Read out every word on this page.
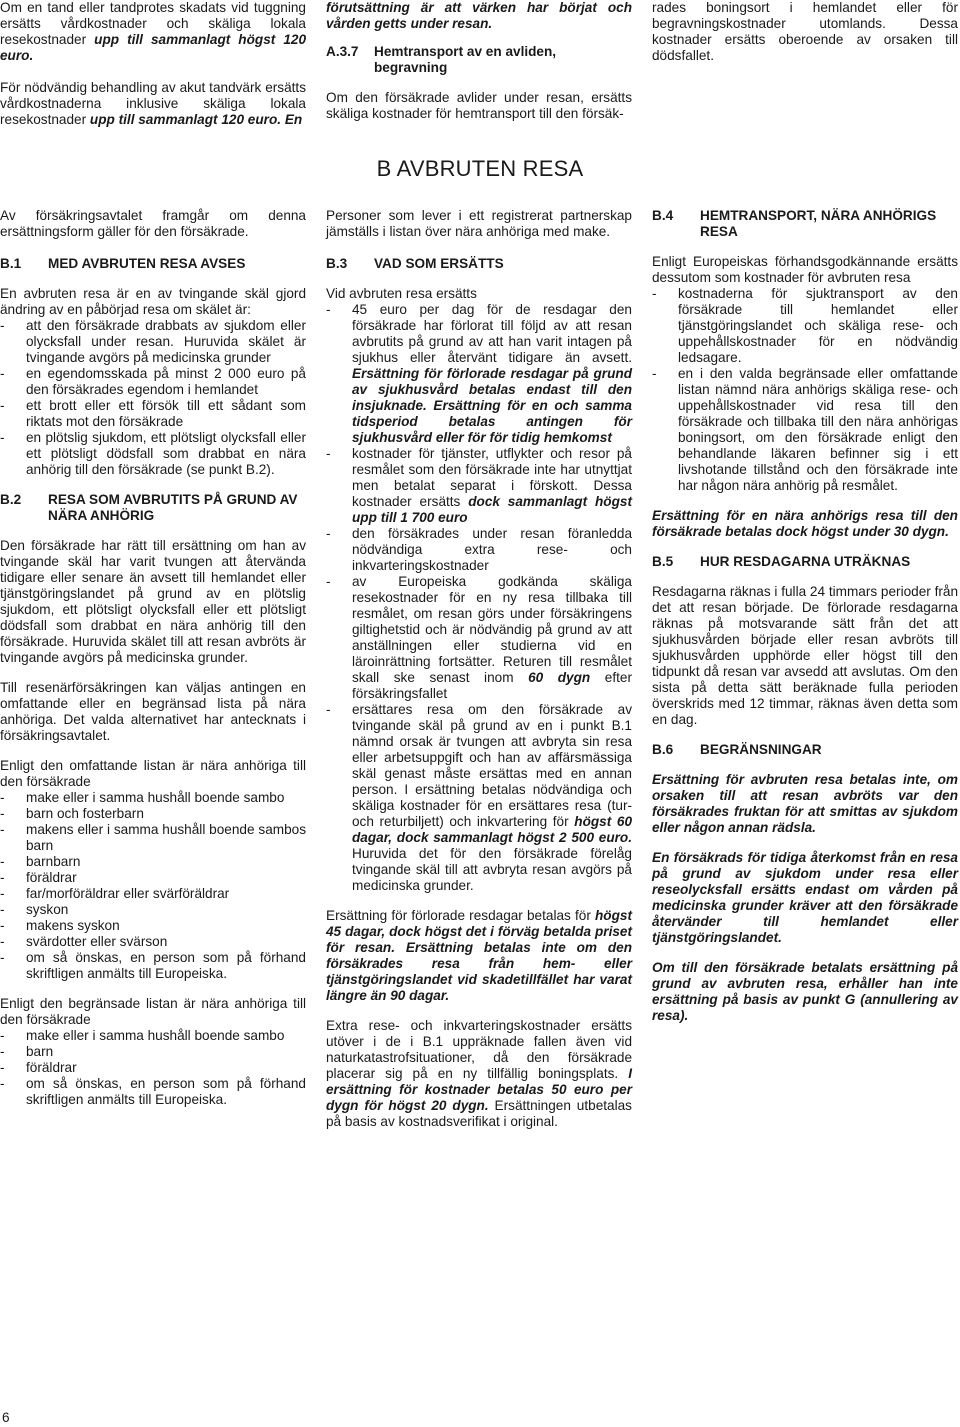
Om en tand eller tandprotes skadats vid tuggning ersätts vårdkostnader och skäliga lokala resekostnader upp till sammanlagt högst 120 euro.

För nödvändig behandling av akut tandvärk ersätts vårdkostnaderna inklusive skäliga lokala resekostnader upp till sammanlagt 120 euro. En

förutsättning är att värken har börjat och vården getts under resan.

A.3.7	Hemtransport av en avliden, begravning

Om den försäkrade avlider under resan, ersätts skäliga kostnader för hemtransport till den försäk-

rades boningsort i hemlandet eller för begravningskostnader utomlands. Dessa kostnader ersätts oberoende av orsaken till dödsfallet.

B AVBRUTEN RESA

Av försäkringsavtalet framgår om denna ersättningsform gäller för den försäkrade.

B.1	MED AVBRUTEN RESA AVSES

En avbruten resa är en av tvingande skäl gjord ändring av en påbörjad resa om skälet är:

- att den försäkrade drabbats av sjukdom eller olycksfall under resan. Huruvida skälet är tvingande avgörs på medicinska grunder
- en egendomsskada på minst 2 000 euro på den försäkrades egendom i hemlandet
- ett brott eller ett försök till ett sådant som riktats mot den försäkrade
- en plötslig sjukdom, ett plötsligt olycksfall eller ett plötsligt dödsfall som drabbat en nära anhörig till den försäkrade (se punkt B.2).
B.2	RESA SOM AVBRUTITS PÅ GRUND AV NÄRA ANHÖRIG

Den försäkrade har rätt till ersättning om han av tvingande skäl har varit tvungen att återvända tidigare eller senare än avsett till hemlandet eller tjänstgöringslandet på grund av en plötslig sjukdom, ett plötsligt olycksfall eller ett plötsligt dödsfall som drabbat en nära anhörig till den försäkrade. Huruvida skälet till att resan avbröts är tvingande avgörs på medicinska grunder.

Till resenärförsäkringen kan väljas antingen en omfattande eller en begränsad lista på nära anhöriga. Det valda alternativet har antecknats i försäkringsavtalet.

Enligt den omfattande listan är nära anhöriga till den försäkrade

- make eller i samma hushåll boende sambo
- barn och fosterbarn
- makens eller i samma hushåll boende sambos barn
- barnbarn
- föräldrar
- far/morföräldrar eller svärföräldrar
- syskon
- makens syskon
- svärdotter eller svärson
- om så önskas, en person som på förhand skriftligen anmälts till Europeiska.

Enligt den begränsade listan är nära anhöriga till den försäkrade

- make eller i samma hushåll boende sambo
- barn
- föräldrar
- om så önskas, en person som på förhand skriftligen anmälts till Europeiska.

Personer som lever i ett registrerat partnerskap jämställs i listan över nära anhöriga med make.

B.3	VAD SOM ERSÄTTS

Vid avbruten resa ersätts

- 45 euro per dag för de resdagar den försäkrade har förlorat till följd av att resan avbrutits på grund av att han varit intagen på sjukhus eller återvänt tidigare än avsett. Ersättning för förlorade resdagar på grund av sjukhusvård betalas endast till den insjuknade. Ersättning för en och samma tidsperiod betalas antingen för sjukhusvård eller för för tidig hemkomst
- kostnader för tjänster, utflykter och resor på resmålet som den försäkrade inte har utnyttjat men betalat separat i förskott. Dessa kostnader ersätts dock sammanlagt högst upp till 1 700 euro
- den försäkrades under resan föranledda nödvändiga extra rese- och inkvarteringskostnader
- av Europeiska godkända skäliga resekostnader för en ny resa tillbaka till resmålet, om resan görs under försäkringens giltighetstid och är nödvändig på grund av att anställningen eller studierna vid en läroinrättning fortsätter. Returen till resmålet skall ske senast inom 60 dygn efter försäkringsfallet
- ersättares resa om den försäkrade av tvingande skäl på grund av en i punkt B.1 nämnd orsak är tvungen att avbryta sin resa eller arbetsuppgift och han av affärsmässiga skäl genast måste ersättas med en annan person. I ersättning betalas nödvändiga och skäliga kostnader för en ersättares resa (tur- och returbiljett) och inkvartering för högst 60 dagar, dock sammanlagt högst 2 500 euro. Huruvida det för den försäkrade förelåg tvingande skäl till att avbryta resan avgörs på medicinska grunder.

Ersättning för förlorade resdagar betalas för högst 45 dagar, dock högst det i förväg betalda priset för resan. Ersättning betalas inte om den försäkrades resa från hem- eller tjänstgöringslandet vid skadetillfället har varat längre än 90 dagar.

Extra rese- och inkvarteringskostnader ersätts utöver i de i B.1 uppräknade fallen även vid naturkatastrofsituationer, då den försäkrade placerar sig på en ny tillfällig boningsplats. I ersättning för kostnader betalas 50 euro per dygn för högst 20 dygn. Ersättningen utbetalas på basis av kostnadsverifikat i original.

B.4	HEMTRANSPORT, NÄRA ANHÖRIGS RESA

Enligt Europeiskas förhandsgodkännande ersätts dessutom som kostnader för avbruten resa

- kostnaderna för sjuktransport av den försäkrade till hemlandet eller tjänstgöringslandet och skäliga rese- och uppehållskostnader för en nödvändig ledsagare.
- en i den valda begränsade eller omfattande listan nämnd nära anhörigs skäliga rese- och uppehållskostnader vid resa till den försäkrade och tillbaka till den nära anhörigas boningsort, om den försäkrade enligt den behandlande läkaren befinner sig i ett livshotande tillstånd och den försäkrade inte har någon nära anhörig på resmålet.

Ersättning för en nära anhörigs resa till den försäkrade betalas dock högst under 30 dygn.

B.5	HUR RESDAGARNA UTRÄKNAS

Resdagarna räknas i fulla 24 timmars perioder från det att resan började. De förlorade resdagarna räknas på motsvarande sätt från det att sjukhusvården började eller resan avbröts till sjukhusvården upphörde eller högst till den tidpunkt då resan var avsedd att avslutas. Om den sista på detta sätt beräknade fulla perioden överskrids med 12 timmar, räknas även detta som en dag.

B.6	BEGRÄNSNINGAR

Ersättning för avbruten resa betalas inte, om orsaken till att resan avbröts var den försäkrades fruktan för att smittas av sjukdom eller någon annan rädsla.

En försäkrads för tidiga återkomst från en resa på grund av sjukdom under resa eller reseolycksfall ersätts endast om vården på medicinska grunder kräver att den försäkrade återvänder till hemlandet eller tjänstgöringslandet.

Om till den försäkrade betalats ersättning på grund av avbruten resa, erhåller han inte ersättning på basis av punkt G (annullering av resa).

6
